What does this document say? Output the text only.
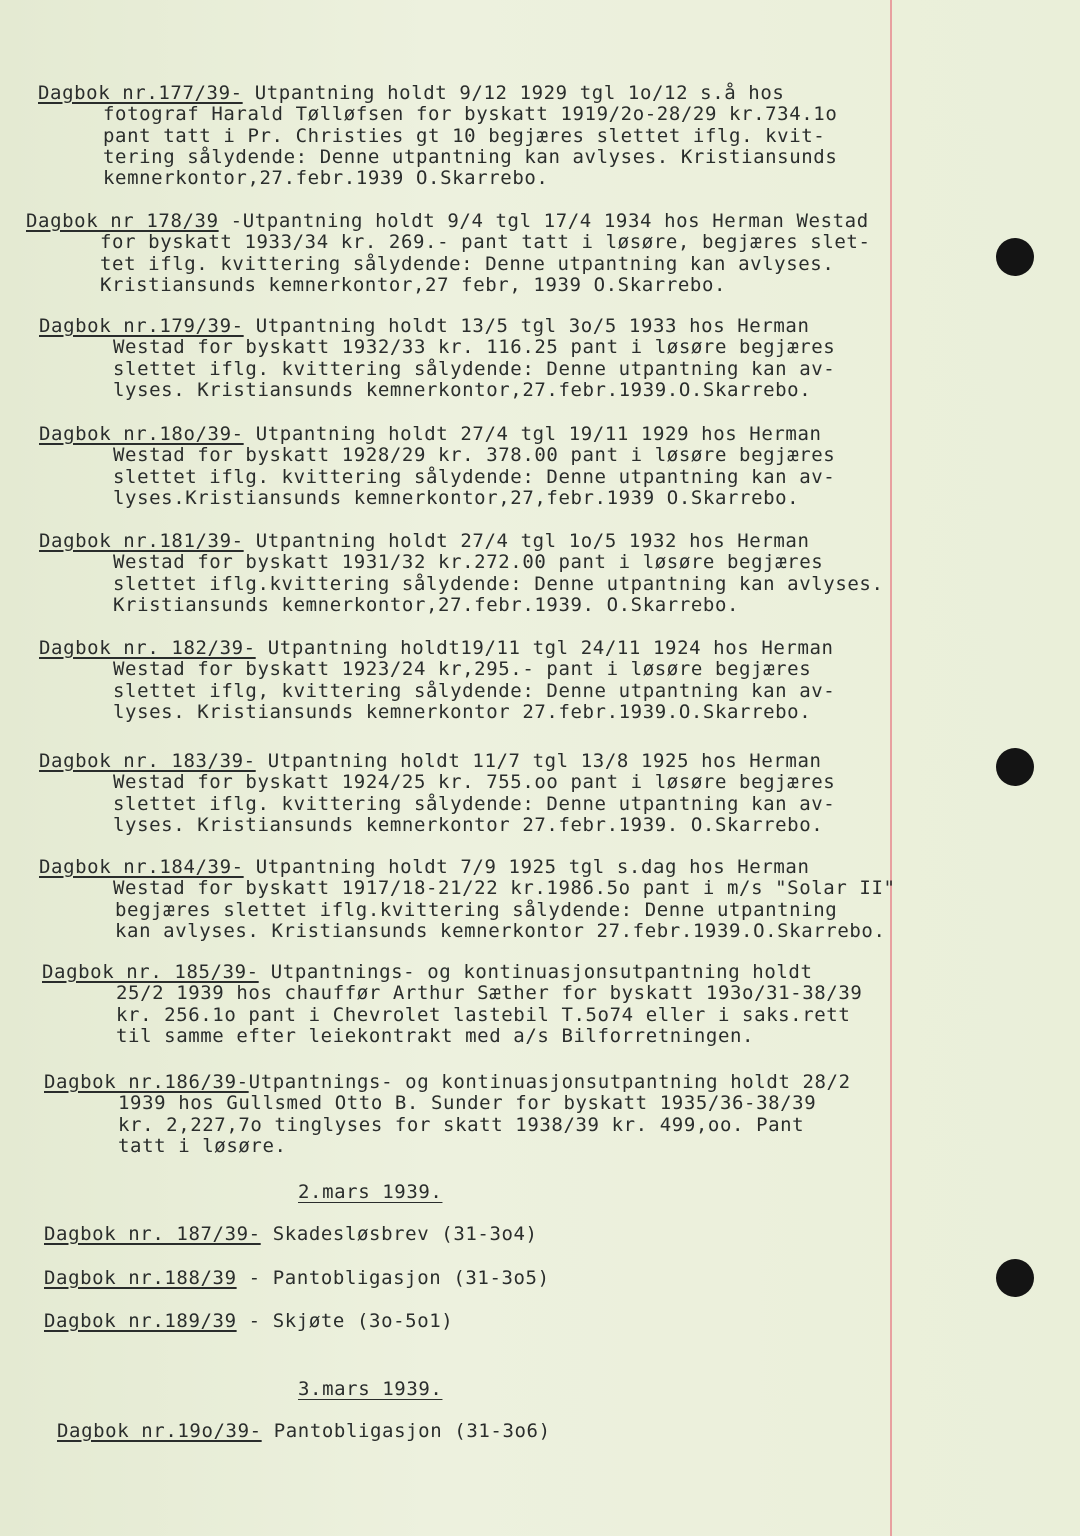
Dagbok nr.177/39- Utpantning holdt 9/12 1929 tgl 1o/12 s.å hos
fotograf Harald Tølløfsen for byskatt 1919/2o-28/29 kr.734.1o
pant tatt i Pr. Christies gt 10 begjæres slettet iflg. kvit-
tering sålydende: Denne utpantning kan avlyses. Kristiansunds
kemnerkontor,27.febr.1939 O.Skarrebo.
Dagbok nr 178/39 -Utpantning holdt 9/4 tgl 17/4 1934 hos Herman Westad
for byskatt 1933/34 kr. 269.- pant tatt i løsøre, begjæres slet-
tet iflg. kvittering sålydende: Denne utpantning kan avlyses.
Kristiansunds kemnerkontor,27 febr, 1939 O.Skarrebo.
Dagbok nr.179/39- Utpantning holdt 13/5 tgl 3o/5 1933 hos Herman
Westad for byskatt 1932/33 kr. 116.25 pant i løsøre begjæres
slettet iflg. kvittering sålydende: Denne utpantning kan av-
lyses. Kristiansunds kemnerkontor,27.febr.1939.O.Skarrebo.
Dagbok nr.18o/39- Utpantning holdt 27/4 tgl 19/11 1929 hos Herman
Westad for byskatt 1928/29 kr. 378.00 pant i løsøre begjæres
slettet iflg. kvittering sålydende: Denne utpantning kan av-
lyses.Kristiansunds kemnerkontor,27,febr.1939 O.Skarrebo.
Dagbok nr.181/39- Utpantning holdt 27/4 tgl 1o/5 1932 hos Herman
Westad for byskatt 1931/32 kr.272.00 pant i løsøre begjæres
slettet iflg.kvittering sålydende: Denne utpantning kan avlyses.
Kristiansunds kemnerkontor,27.febr.1939. O.Skarrebo.
Dagbok nr. 182/39- Utpantning holdt19/11 tgl 24/11 1924 hos Herman
Westad for byskatt 1923/24 kr,295.- pant i løsøre begjæres
slettet iflg, kvittering sålydende: Denne utpantning kan av-
lyses. Kristiansunds kemnerkontor 27.febr.1939.O.Skarrebo.
Dagbok nr. 183/39- Utpantning holdt 11/7 tgl 13/8 1925 hos Herman
Westad for byskatt 1924/25 kr. 755.oo pant i løsøre begjæres
slettet iflg. kvittering sålydende: Denne utpantning kan av-
lyses. Kristiansunds kemnerkontor 27.febr.1939. O.Skarrebo.
Dagbok nr.184/39- Utpantning holdt 7/9 1925 tgl s.dag hos Herman
Westad for byskatt 1917/18-21/22 kr.1986.5o pant i m/s "Solar II"
begjæres slettet iflg.kvittering sålydende: Denne utpantning
kan avlyses. Kristiansunds kemnerkontor 27.febr.1939.O.Skarrebo.
Dagbok nr. 185/39- Utpantnings- og kontinuasjonsutpantning holdt
25/2 1939 hos chauffør Arthur Sæther for byskatt 193o/31-38/39
kr. 256.1o pant i Chevrolet lastebil T.5o74 eller i saks.rett
til samme efter leiekontrakt med a/s Bilforretningen.
Dagbok nr.186/39-Utpantnings- og kontinuasjonsutpantning holdt 28/2
1939 hos Gullsmed Otto B. Sunder for byskatt 1935/36-38/39
kr. 2,227,7o tinglyses for skatt 1938/39 kr. 499,oo. Pant
tatt i løsøre.
2.mars 1939.
Dagbok nr. 187/39- Skadesløsbrev (31-3o4)
Dagbok nr.188/39 - Pantobligasjon (31-3o5)
Dagbok nr.189/39 - Skjøte (3o-5o1)
3.mars 1939.
Dagbok nr.19o/39- Pantobligasjon (31-3o6)
